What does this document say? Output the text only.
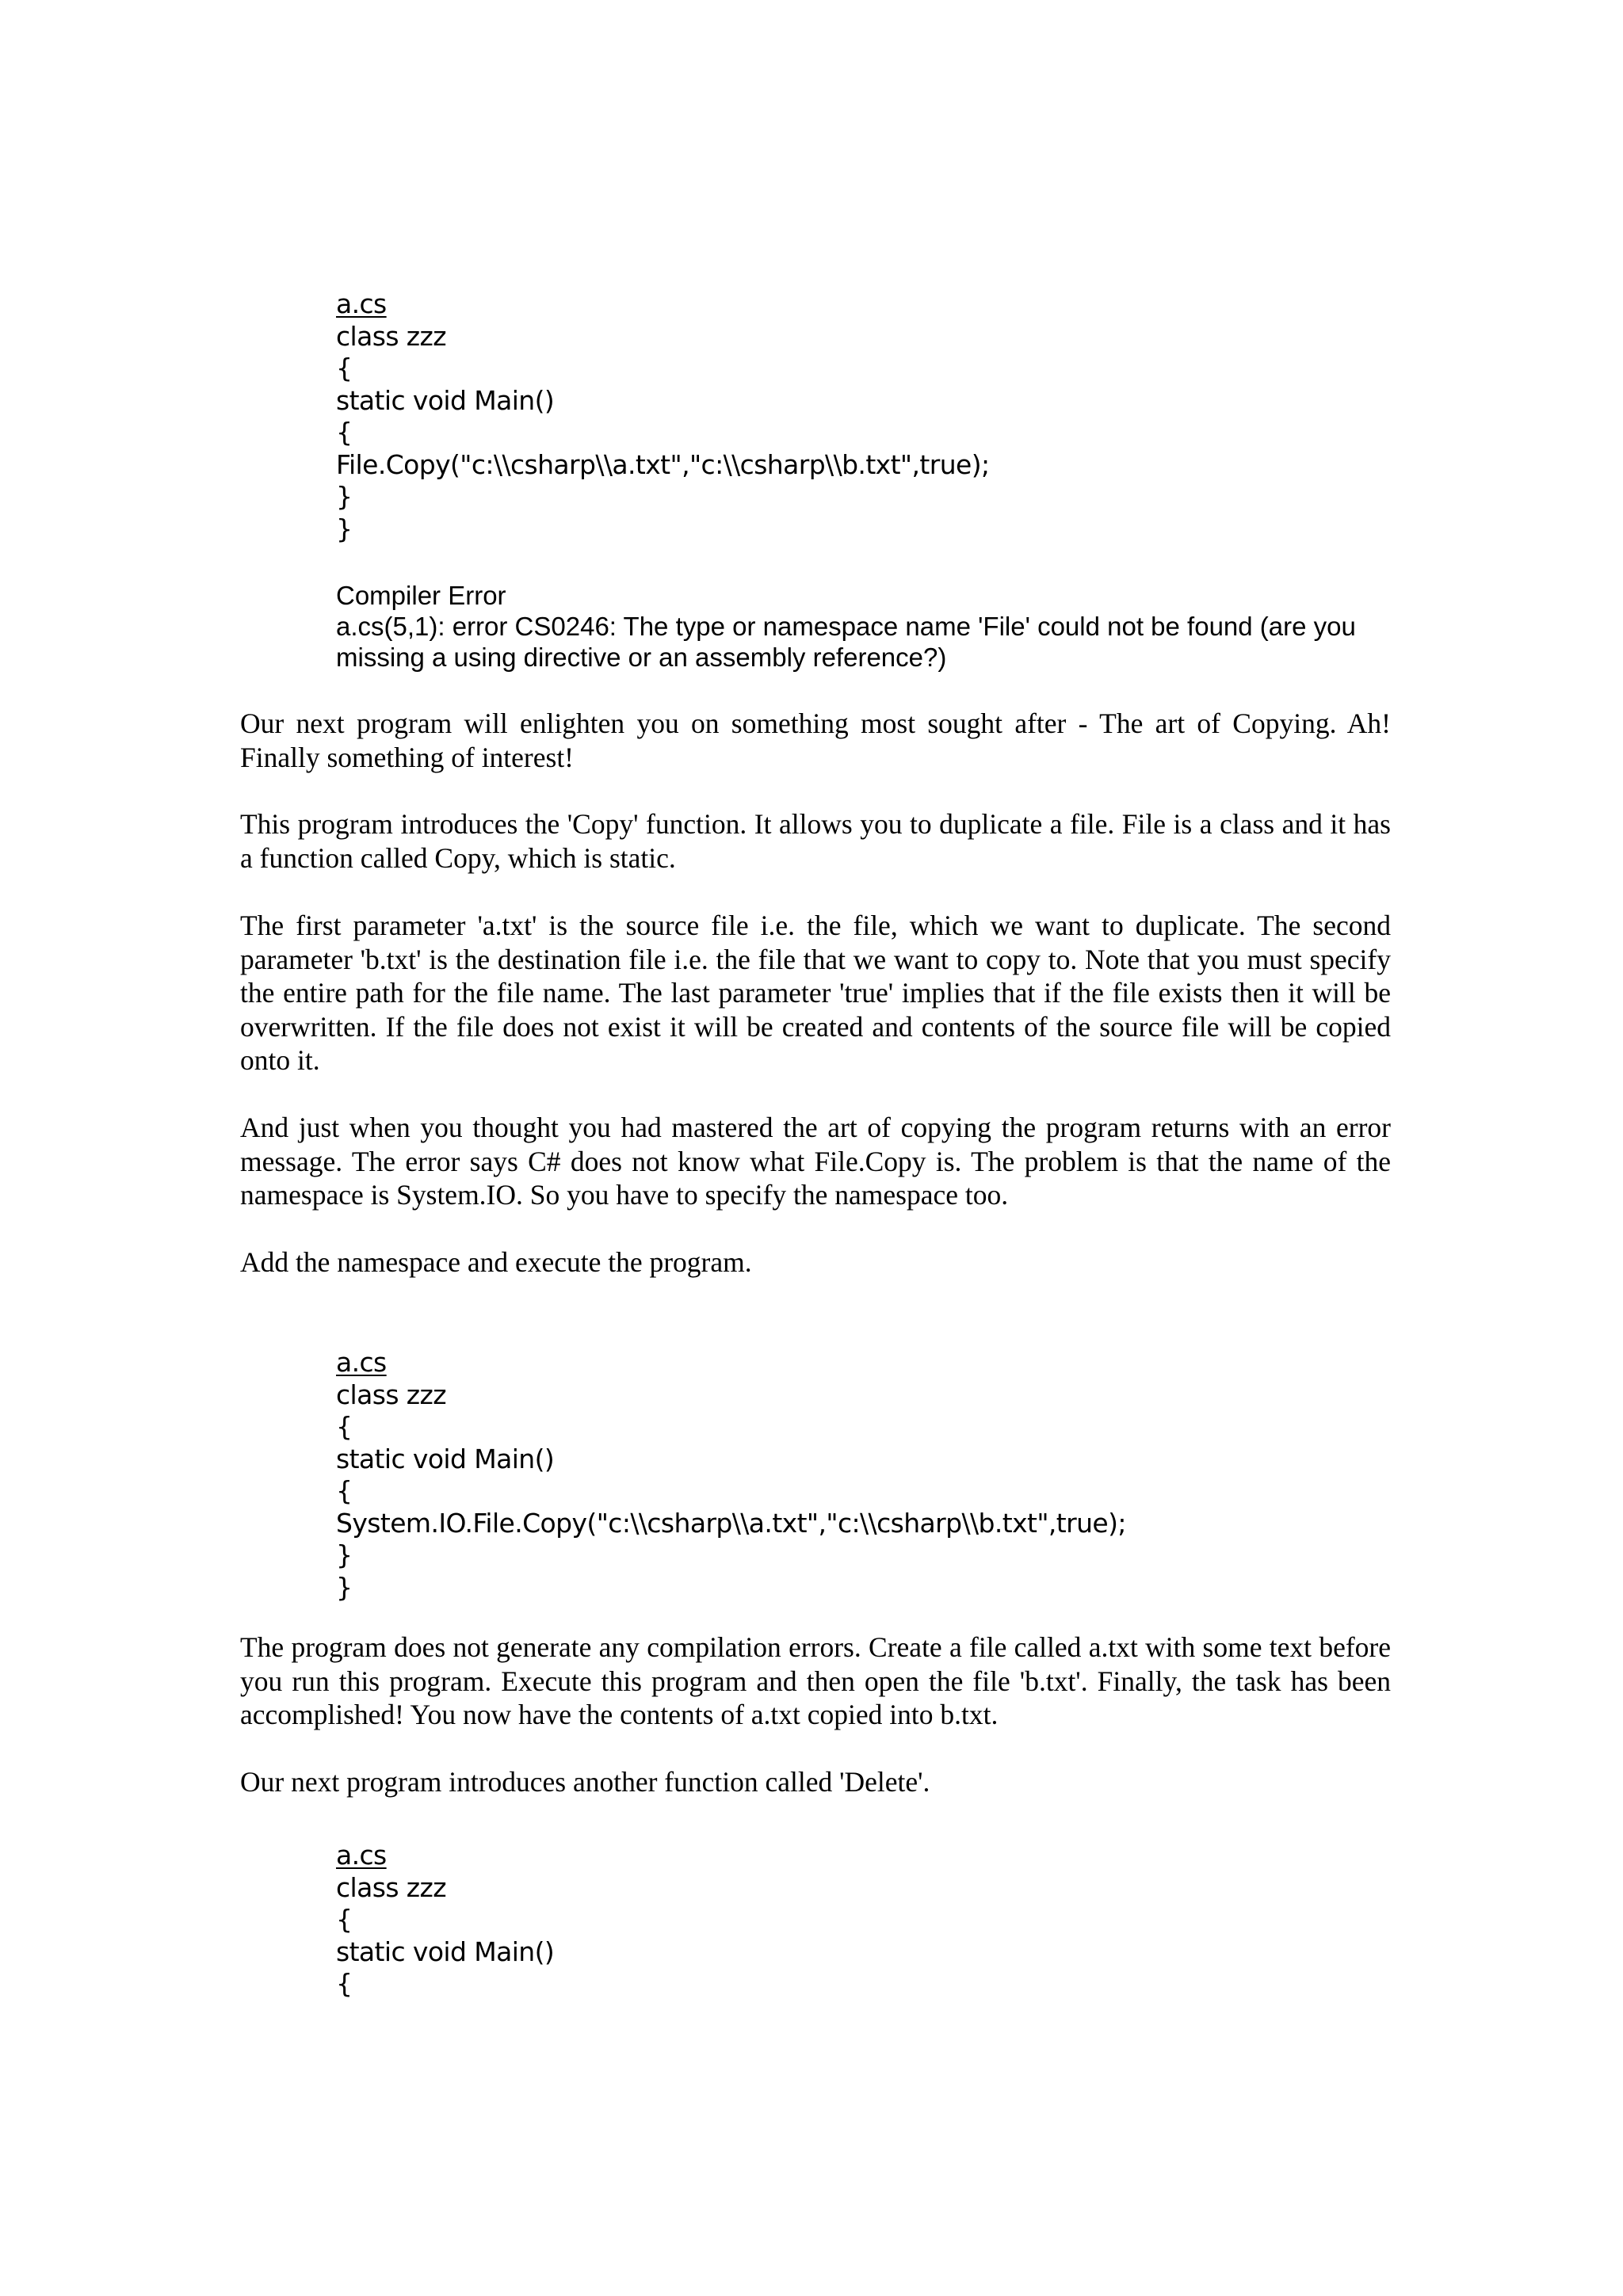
a.cs
class zzz
{
static void Main()
{
File.Copy("c:\\csharp\\a.txt","c:\\csharp\\b.txt",true);
}
}
Compiler Error
a.cs(5,1): error CS0246: The type or namespace name 'File' could not be found (are you
missing a using directive or an assembly reference?)

Our next program will enlighten you on something most sought after - The art of Copying. Ah! Finally something of interest!

This program introduces the 'Copy' function. It allows you to duplicate a file. File is a class and it has a function called Copy, which is static.

The first parameter 'a.txt' is the source file i.e. the file, which we want to duplicate. The second parameter 'b.txt' is the destination file i.e. the file that we want to copy to. Note that you must specify the entire path for the file name. The last parameter 'true' implies that if the file exists then it will be overwritten. If the file does not exist it will be created and contents of the source file will be copied onto it.

And just when you thought you had mastered the art of copying the program returns with an error message. The error says C# does not know what File.Copy is. The problem is that the name of the namespace is System.IO. So you have to specify the namespace too.

Add the namespace and execute the program.

a.cs
class zzz
{
static void Main()
{
System.IO.File.Copy("c:\\csharp\\a.txt","c:\\csharp\\b.txt",true);
}
}

The program does not generate any compilation errors. Create a file called a.txt with some text before you run this program. Execute this program and then open the file 'b.txt'. Finally, the task has been accomplished! You now have the contents of a.txt copied into b.txt.

Our next program introduces another function called 'Delete'.

a.cs
class zzz
{
static void Main()
{
